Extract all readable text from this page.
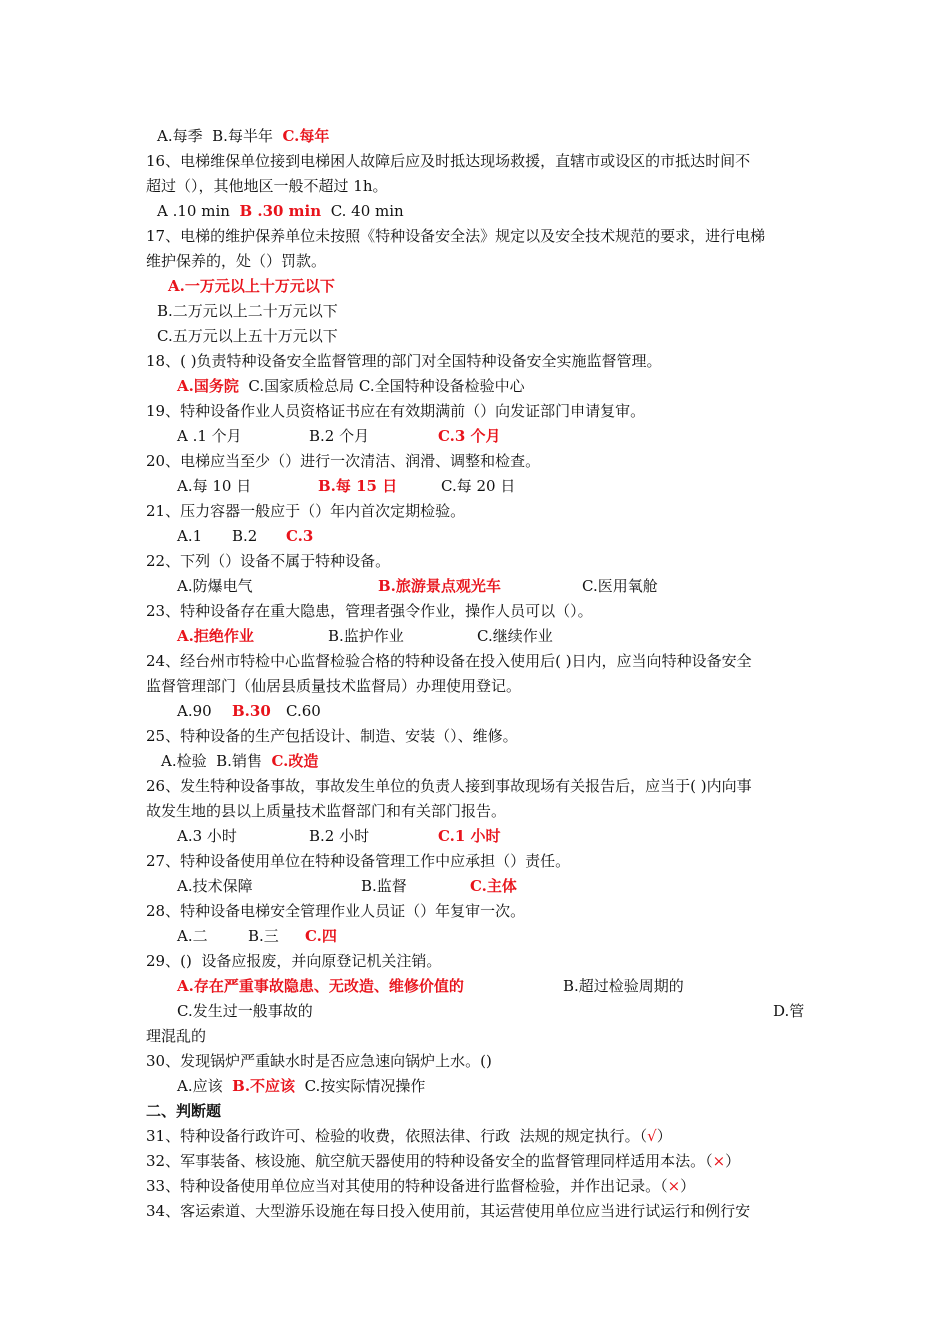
A.每季 B.每半年 C.每年
16、电梯维保单位接到电梯困人故障后应及时抵达现场救援，直辖市或设区的市抵达时间不
超过（），其他地区一般不超过 1h。
A .10 min B .30 min C. 40 min
17、电梯的维护保养单位未按照《特种设备安全法》规定以及安全技术规范的要求，进行电梯
维护保养的，处（）罚款。
A.一万元以上十万元以下
B.二万元以上二十万元以下
C.五万元以上五十万元以下
18、( )负责特种设备安全监督管理的部门对全国特种设备安全实施监督管理。
A.国务院 C.国家质检总局 C.全国特种设备检验中心
19、特种设备作业人员资格证书应在有效期满前（）向发证部门申请复审。
A .1 个月	B.2 个月	C.3 个月
20、电梯应当至少（）进行一次清洁、润滑、调整和检查。
A.每 10 日	B.每 15 日	C.每 20 日
21、压力容器一般应于（）年内首次定期检验。
A.1 B.2 C.3
22、下列（）设备不属于特种设备。
A.防爆电气	B.旅游景点观光车	C.医用氧舱
23、特种设备存在重大隐患，管理者强令作业，操作人员可以（）。
A.拒绝作业	B.监护作业	C.继续作业
24、经台州市特检中心监督检验合格的特种设备在投入使用后( )日内，应当向特种设备安全
监督管理部门（仙居县质量技术监督局）办理使用登记。
A.90 B.30 C.60
25、特种设备的生产包括设计、制造、安装（）、维修。
A.检验 B.销售 C.改造
26、发生特种设备事故，事故发生单位的负责人接到事故现场有关报告后，应当于( )内向事
故发生地的县以上质量技术监督部门和有关部门报告。
A.3 小时	B.2 小时	C.1 小时
27、特种设备使用单位在特种设备管理工作中应承担（）责任。
A.技术保障	B.监督	C.主体
28、特种设备电梯安全管理作业人员证（）年复审一次。
A.二	B.三 C.四
29、()  设备应报废，并向原登记机关注销。
A.存在严重事故隐患、无改造、维修价值的	B.超过检验周期的
C.发生过一般事故的	D.管
理混乱的
30、发现锅炉严重缺水时是否应急速向锅炉上水。()
A.应该 B.不应该 C.按实际情况操作
二、判断题
31、特种设备行政许可、检验的收费，依照法律、行政  法规的规定执行。（√）
32、军事装备、核设施、航空航天器使用的特种设备安全的监督管理同样适用本法。（×）
33、特种设备使用单位应当对其使用的特种设备进行监督检验，并作出记录。（×）
34、客运索道、大型游乐设施在每日投入使用前，其运营使用单位应当进行试运行和例行安
